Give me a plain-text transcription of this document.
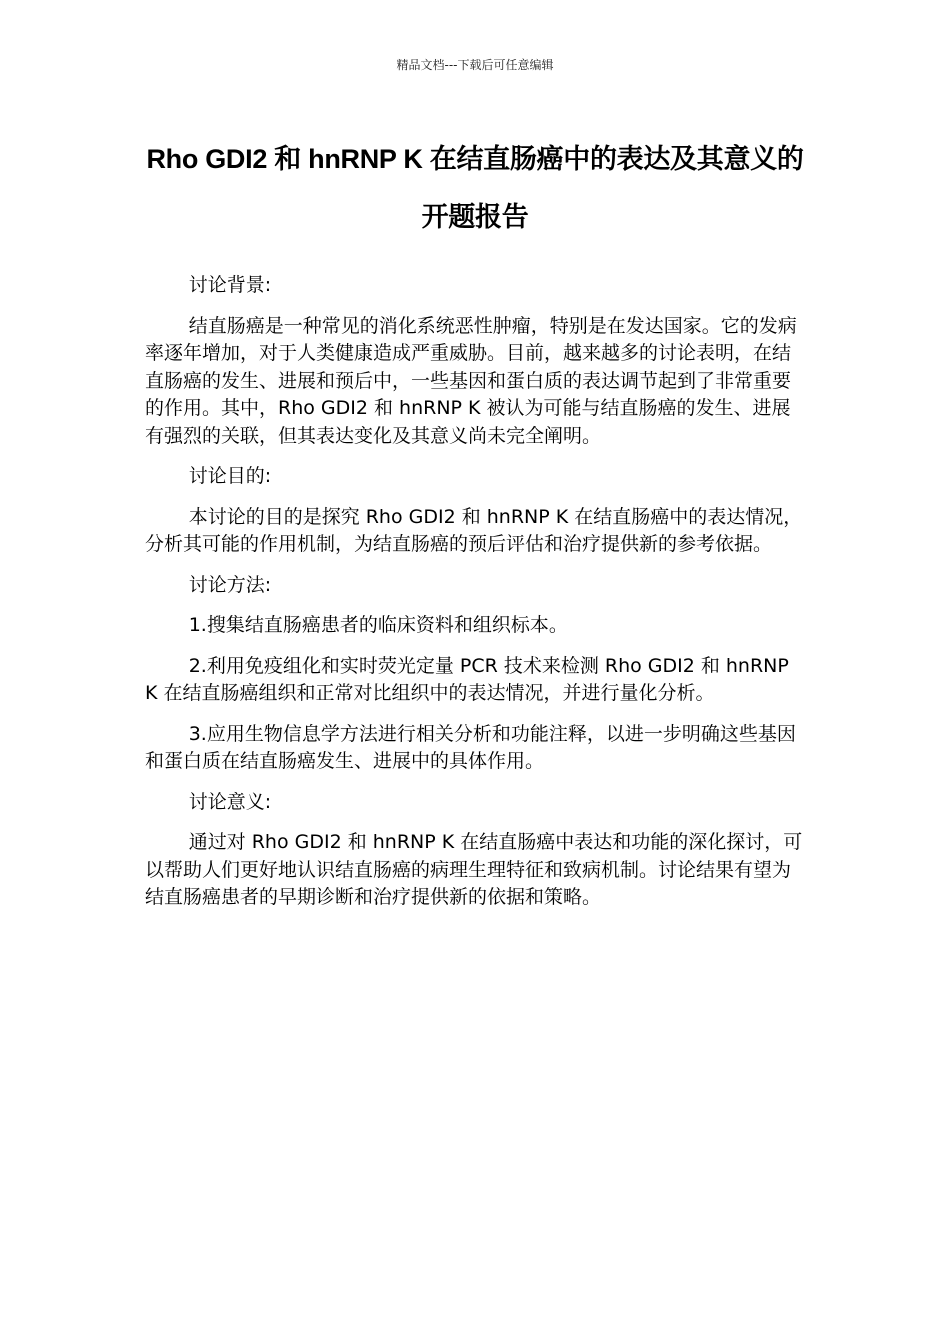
精品文档---下载后可任意编辑
Rho GDI2 和 hnRNP K 在结直肠癌中的表达及其意义的开题报告

讨论背景:

结直肠癌是一种常见的消化系统恶性肿瘤，特别是在发达国家。它的发病率逐年增加，对于人类健康造成严重威胁。目前，越来越多的讨论表明，在结直肠癌的发生、进展和预后中，一些基因和蛋白质的表达调节起到了非常重要的作用。其中，Rho GDI2 和 hnRNP K 被认为可能与结直肠癌的发生、进展有强烈的关联，但其表达变化及其意义尚未完全阐明。

讨论目的:

本讨论的目的是探究 Rho GDI2 和 hnRNP K 在结直肠癌中的表达情况，分析其可能的作用机制，为结直肠癌的预后评估和治疗提供新的参考依据。

讨论方法:

1.搜集结直肠癌患者的临床资料和组织标本。

2.利用免疫组化和实时荧光定量 PCR 技术来检测 Rho GDI2 和 hnRNP K 在结直肠癌组织和正常对比组织中的表达情况，并进行量化分析。

3.应用生物信息学方法进行相关分析和功能注释，以进一步明确这些基因和蛋白质在结直肠癌发生、进展中的具体作用。

讨论意义:

通过对 Rho GDI2 和 hnRNP K 在结直肠癌中表达和功能的深化探讨，可以帮助人们更好地认识结直肠癌的病理生理特征和致病机制。讨论结果有望为结直肠癌患者的早期诊断和治疗提供新的依据和策略。
